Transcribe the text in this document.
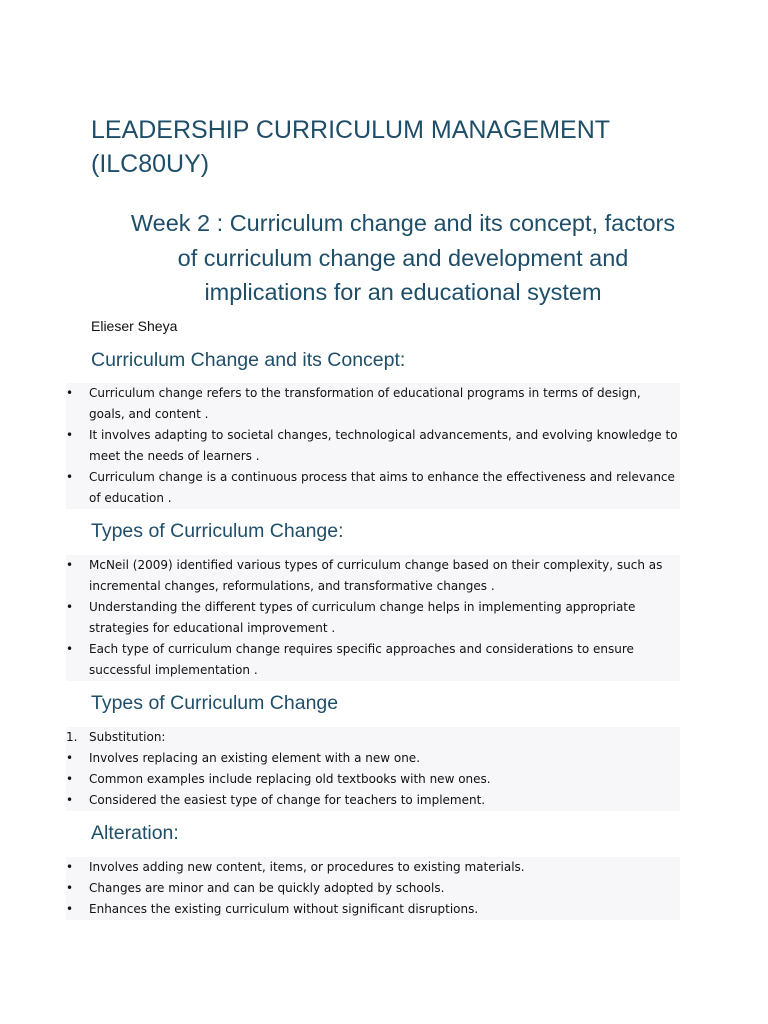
LEADERSHIP CURRICULUM MANAGEMENT (ILC80UY)
Week 2 : Curriculum change and its concept, factors of curriculum change and development and implications for an educational system

Elieser Sheya

Curriculum Change and its Concept:
•	Curriculum change refers to the transformation of educational programs in terms of design, goals, and content .
•	It involves adapting to societal changes, technological advancements, and evolving knowledge to meet the needs of learners .
•	Curriculum change is a continuous process that aims to enhance the effectiveness and relevance of education .
Types of Curriculum Change:
•	McNeil (2009) identified various types of curriculum change based on their complexity, such as incremental changes, reformulations, and transformative changes .
•	Understanding the different types of curriculum change helps in implementing appropriate strategies for educational improvement .
•	Each type of curriculum change requires specific approaches and considerations to ensure successful implementation .
Types of Curriculum Change
1. Substitution:
•	Involves replacing an existing element with a new one.
•	Common examples include replacing old textbooks with new ones.
•	Considered the easiest type of change for teachers to implement.
Alteration:
•	Involves adding new content, items, or procedures to existing materials.
•	Changes are minor and can be quickly adopted by schools.
•	Enhances the existing curriculum without significant disruptions.
